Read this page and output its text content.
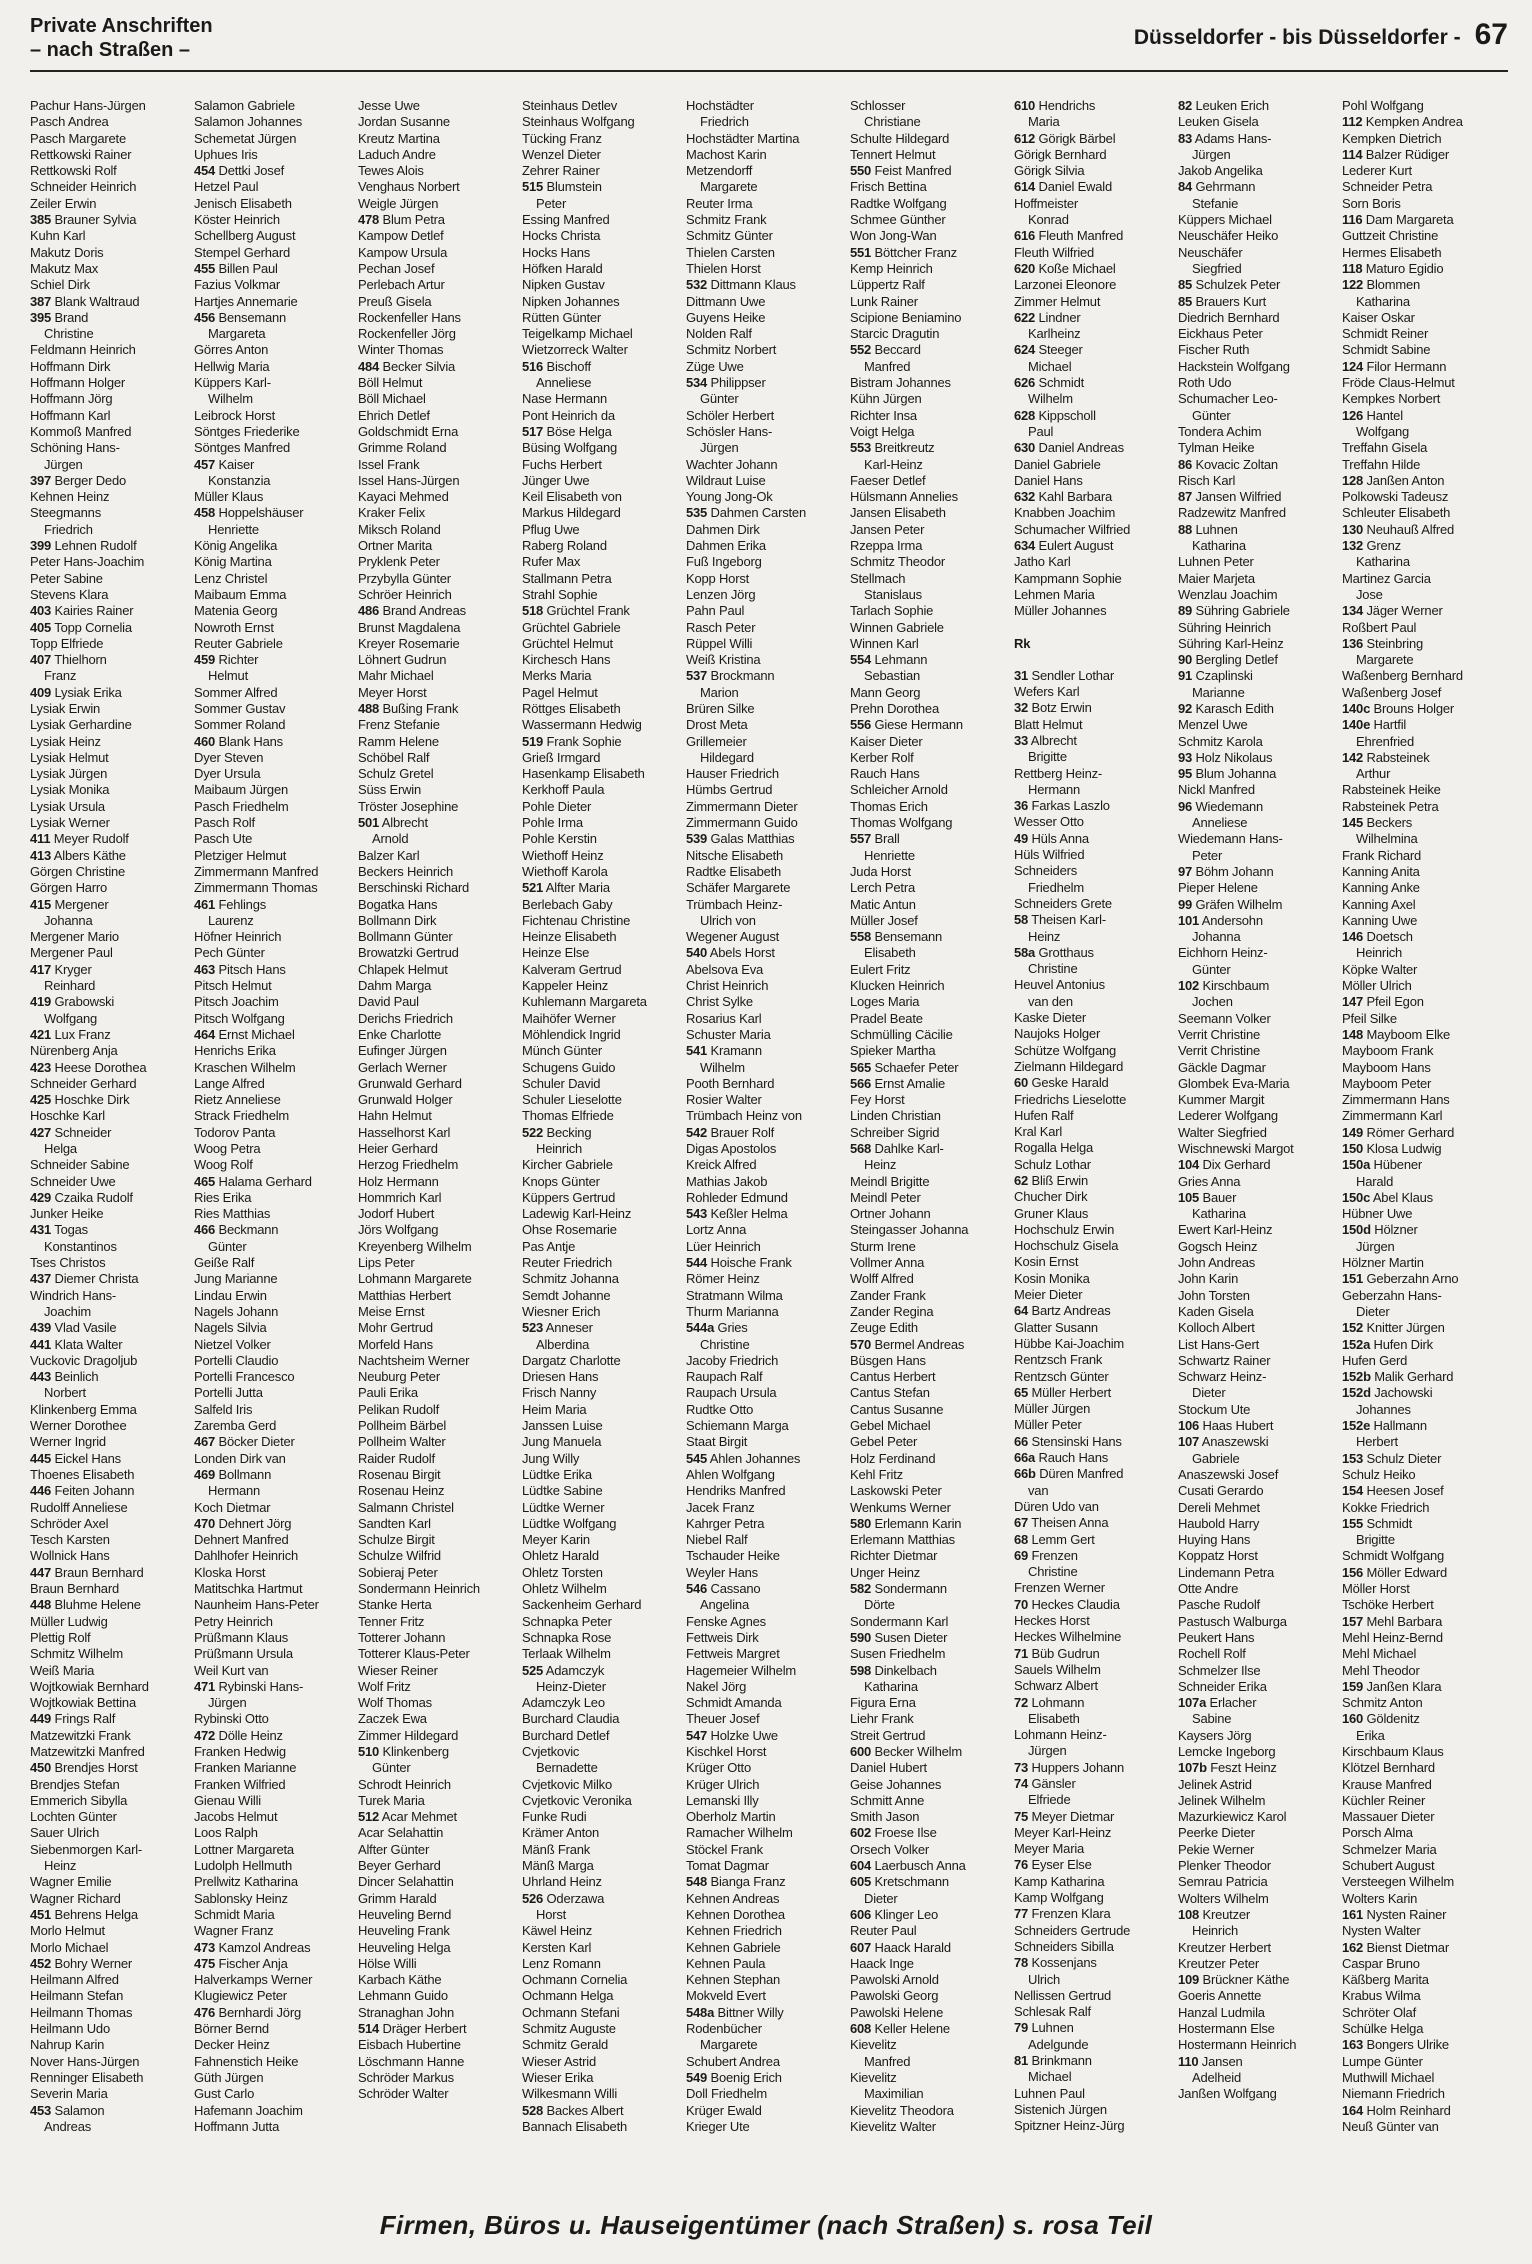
Private Anschriften
– nach Straßen –
Düsseldorfer - bis Düsseldorfer - 67
Pachur Hans-Jürgen
Pasch Andrea
Pasch Margarete
Rettkowski Rainer
Rettkowski Rolf
Schneider Heinrich
Zeiler Erwin
385 Brauner Sylvia
Kuhn Karl
Makutz Doris
Makutz Max
Schiel Dirk
387 Blank Waltraud
395 Brand
Christine
Feldmann Heinrich
Hoffmann Dirk
Hoffmann Holger
Hoffmann Jörg
Hoffmann Karl
Kommoß Manfred
Schöning Hans-
Jürgen
397 Berger Dedo
Kehnen Heinz
Steegmanns
Friedrich
399 Lehnen Rudolf
Peter Hans-Joachim
Peter Sabine
Stevens Klara
403 Kairies Rainer
405 Topp Cornelia
Topp Elfriede
407 Thielhorn
Franz
409 Lysiak Erika
Lysiak Erwin
Lysiak Gerhardine
Lysiak Heinz
Lysiak Helmut
Lysiak Jürgen
Lysiak Monika
Lysiak Ursula
Lysiak Werner
411 Meyer Rudolf
413 Albers Käthe
Görgen Christine
Görgen Harro
415 Mergener
Johanna
Mergener Mario
Mergener Paul
417 Kryger
Reinhard
419 Grabowski
Wolfgang
421 Lux Franz
Nürenberg Anja
423 Heese Dorothea
Schneider Gerhard
425 Hoschke Dirk
Hoschke Karl
427 Schneider
Helga
Schneider Sabine
Schneider Uwe
429 Czaika Rudolf
Junker Heike
431 Togas
Konstantinos
Tses Christos
437 Diemer Christa
Windrich Hans-
Joachim
439 Vlad Vasile
441 Klata Walter
Vuckovic Dragoljub
443 Beinlich
Norbert
Klinkenberg Emma
Werner Dorothee
Werner Ingrid
445 Eickel Hans
Thoenes Elisabeth
446 Feiten Johann
Rudolff Anneliese
Schröder Axel
Tesch Karsten
Wollnick Hans
447 Braun Bernhard
Braun Bernhard
448 Bluhme Helene
Müller Ludwig
Plettig Rolf
Schmitz Wilhelm
Weiß Maria
Wojtkowiak Bernhard
Wojtkowiak Bettina
449 Frings Ralf
Matzewitzki Frank
Matzewitzki Manfred
450 Brendjes Horst
Brendjes Stefan
Emmerich Sibylla
Lochten Günter
Sauer Ulrich
Siebenmorgen Karl-
Heinz
Wagner Emilie
Wagner Richard
451 Behrens Helga
Morlo Helmut
Morlo Michael
452 Bohry Werner
Heilmann Alfred
Heilmann Stefan
Heilmann Thomas
Heilmann Udo
Nahrup Karin
Nover Hans-Jürgen
Renninger Elisabeth
Severin Maria
453 Salamon
Andreas
Salamon Gabriele
Salamon Johannes
Schemetat Jürgen
Uphues Iris
454 Dettki Josef
Hetzel Paul
Jenisch Elisabeth
Köster Heinrich
Schellberg August
Stempel Gerhard
455 Billen Paul
Fazius Volkmar
Hartjes Annemarie
456 Bensemann
Margareta
Görres Anton
Hellwig Maria
Küppers Karl-
Wilhelm
Leibrock Horst
Söntges Friederike
Söntges Manfred
457 Kaiser
Konstanzia
Müller Klaus
458 Hoppelshäuser
Henriette
König Angelika
König Martina
Lenz Christel
Maibaum Emma
Matenia Georg
Nowroth Ernst
Reuter Gabriele
459 Richter
Helmut
Sommer Alfred
Sommer Gustav
Sommer Roland
460 Blank Hans
Dyer Steven
Dyer Ursula
Maibaum Jürgen
Pasch Friedhelm
Pasch Rolf
Pasch Ute
Pletziger Helmut
Zimmermann Manfred
Zimmermann Thomas
461 Fehlings
Laurenz
Höfner Heinrich
Pech Günter
463 Pitsch Hans
Pitsch Helmut
Pitsch Joachim
Pitsch Wolfgang
464 Ernst Michael
Henrichs Erika
Kraschen Wilhelm
Lange Alfred
Rietz Anneliese
Strack Friedhelm
Todorov Panta
Woog Petra
Woog Rolf
465 Halama Gerhard
Ries Erika
Ries Matthias
466 Beckmann
Günter
Geiße Ralf
Jung Marianne
Lindau Erwin
Nagels Johann
Nagels Silvia
Nietzel Volker
Portelli Claudio
Portelli Francesco
Portelli Jutta
Salfeld Iris
Zaremba Gerd
467 Böcker Dieter
Londen Dirk van
469 Bollmann
Hermann
Koch Dietmar
470 Dehnert Jörg
Dehnert Manfred
Dahlhofer Heinrich
Kloska Horst
Matitschka Hartmut
Naunheim Hans-Peter
Petry Heinrich
Prüßmann Klaus
Prüßmann Ursula
Weil Kurt van
471 Rybinski Hans-
Jürgen
Rybinski Otto
472 Dölle Heinz
Franken Hedwig
Franken Marianne
Franken Wilfried
Gienau Willi
Jacobs Helmut
Loos Ralph
Lottner Margareta
Ludolph Hellmuth
Prellwitz Katharina
Sablonsky Heinz
Schmidt Maria
Wagner Franz
473 Kamzol Andreas
475 Fischer Anja
Halverkamps Werner
Klugiewicz Peter
476 Bernhardi Jörg
Börner Bernd
Decker Heinz
Fahnenstich Heike
Güth Jürgen
Gust Carlo
Hafemann Joachim
Hoffmann Jutta
Jesse Uwe
Jordan Susanne
Kreutz Martina
Laduch Andre
Tewes Alois
Venghaus Norbert
Weigle Jürgen
478 Blum Petra
Kampow Detlef
Kampow Ursula
Pechan Josef
Perlebach Artur
Preuß Gisela
Rockenfeller Hans
Rockenfeller Jörg
Winter Thomas
484 Becker Silvia
Böll Helmut
Böll Michael
Ehrich Detlef
Goldschmidt Erna
Grimme Roland
Issel Frank
Issel Hans-Jürgen
Kayaci Mehmed
Kraker Felix
Miksch Roland
Ortner Marita
Pryklenk Peter
Przybylla Günter
Schröer Heinrich
486 Brand Andreas
Brunst Magdalena
Kreyer Rosemarie
Löhnert Gudrun
Mahr Michael
Meyer Horst
488 Bußing Frank
Frenz Stefanie
Ramm Helene
Schöbel Ralf
Schulz Gretel
Süss Erwin
Tröster Josephine
501 Albrecht
Arnold
Balzer Karl
Beckers Heinrich
Berschinski Richard
Bogatka Hans
Bollmann Dirk
Bollmann Günter
Browatzki Gertrud
Chlapek Helmut
Dahm Marga
David Paul
Derichs Friedrich
Enke Charlotte
Eufinger Jürgen
Gerlach Werner
Grunwald Gerhard
Grunwald Holger
Hahn Helmut
Hasselhorst Karl
Heier Gerhard
Herzog Friedhelm
Holz Hermann
Hommrich Karl
Jodorf Hubert
Jörs Wolfgang
Kreyenberg Wilhelm
Lips Peter
Lohmann Margarete
Matthias Herbert
Meise Ernst
Mohr Gertrud
Morfeld Hans
Nachtsheim Werner
Neuburg Peter
Pauli Erika
Pelikan Rudolf
Pollheim Bärbel
Pollheim Walter
Raider Rudolf
Rosenau Birgit
Rosenau Heinz
Salmann Christel
Sandten Karl
Schulze Birgit
Schulze Wilfrid
Sobieraj Peter
Sondermann Heinrich
Stanke Herta
Tenner Fritz
Totterer Johann
Totterer Klaus-Peter
Wieser Reiner
Wolf Fritz
Wolf Thomas
Zaczek Ewa
Zimmer Hildegard
510 Klinkenberg
Günter
Schrodt Heinrich
Turek Maria
512 Acar Mehmet
Acar Selahattin
Alfter Günter
Beyer Gerhard
Dincer Selahattin
Grimm Harald
Heuveling Bernd
Heuveling Frank
Heuveling Helga
Hölse Willi
Karbach Käthe
Lehmann Guido
Stranaghan John
514 Dräger Herbert
Eisbach Hubertine
Löschmann Hanne
Schröder Markus
Schröder Walter
Steinhaus Detlev
Steinhaus Wolfgang
Tücking Franz
Wenzel Dieter
Zehrer Rainer
515 Blumstein
Peter
Essing Manfred
Hocks Christa
Hocks Hans
Höfken Harald
Nipken Gustav
Nipken Johannes
Rütten Günter
Teigelkamp Michael
Wietzorreck Walter
516 Bischoff
Anneliese
Nase Hermann
Pont Heinrich da
517 Böse Helga
Büsing Wolfgang
Fuchs Herbert
Jünger Uwe
Keil Elisabeth von
Markus Hildegard
Pflug Uwe
Raberg Roland
Rufer Max
Stallmann Petra
Strahl Sophie
518 Grüchtel Frank
Grüchtel Gabriele
Grüchtel Helmut
Kirchesch Hans
Merks Maria
Pagel Helmut
Röttges Elisabeth
Wassermann Hedwig
519 Frank Sophie
Grieß Irmgard
Hasenkamp Elisabeth
Kerkhoff Paula
Pohle Dieter
Pohle Irma
Pohle Kerstin
Wiethoff Heinz
Wiethoff Karola
521 Alfter Maria
Berlebach Gaby
Fichtenau Christine
Heinze Elisabeth
Heinze Else
Kalveram Gertrud
Kappeler Heinz
Kuhlemann Margareta
Maihöfer Werner
Möhlendick Ingrid
Münch Günter
Schugens Guido
Schuler David
Schuler Lieselotte
Thomas Elfriede
522 Becking
Heinrich
Kircher Gabriele
Knops Günter
Küppers Gertrud
Ladewig Karl-Heinz
Ohse Rosemarie
Pas Antje
Reuter Friedrich
Schmitz Johanna
Semdt Johanne
Wiesner Erich
523 Anneser
Alberdina
Dargatz Charlotte
Driesen Hans
Frisch Nanny
Heim Maria
Janssen Luise
Jung Manuela
Jung Willy
Lüdtke Erika
Lüdtke Sabine
Lüdtke Werner
Lüdtke Wolfgang
Meyer Karin
Ohletz Harald
Ohletz Torsten
Ohletz Wilhelm
Sackenheim Gerhard
Schnapka Peter
Schnapka Rose
Terlaak Wilhelm
525 Adamczyk
Heinz-Dieter
Adamczyk Leo
Burchard Claudia
Burchard Detlef
Cvjetkovic
Bernadette
Cvjetkovic Milko
Cvjetkovic Veronika
Funke Rudi
Krämer Anton
Mänß Frank
Mänß Marga
Uhrland Heinz
526 Oderzawa
Horst
Käwel Heinz
Kersten Karl
Lenz Romann
Ochmann Cornelia
Ochmann Helga
Ochmann Stefani
Schmitz Auguste
Schmitz Gerald
Wieser Astrid
Wieser Erika
Wilkesmann Willi
528 Backes Albert
Bannach Elisabeth
Hochstädter
Friedrich
Hochstädter Martina
Machost Karin
Metzendorff
Margarete
Reuter Irma
Schmitz Frank
Schmitz Günter
Thielen Carsten
Thielen Horst
532 Dittmann Klaus
Dittmann Uwe
Guyens Heike
Nolden Ralf
Schmitz Norbert
Züge Uwe
534 Philippser
Günter
Schöler Herbert
Schösler Hans-
Jürgen
Wachter Johann
Wildraut Luise
Young Jong-Ok
535 Dahmen Carsten
Dahmen Dirk
Dahmen Erika
Fuß Ingeborg
Kopp Horst
Lenzen Jörg
Pahn Paul
Rasch Peter
Rüppel Willi
Weiß Kristina
537 Brockmann
Marion
Brüren Silke
Drost Meta
Grillemeier
Hildegard
Hauser Friedrich
Hümbs Gertrud
Zimmermann Dieter
Zimmermann Guido
539 Galas Matthias
Nitsche Elisabeth
Radtke Elisabeth
Schäfer Margarete
Trümbach Heinz-
Ulrich von
Wegener August
540 Abels Horst
Abelsova Eva
Christ Heinrich
Christ Sylke
Rosarius Karl
Schuster Maria
541 Kramann
Wilhelm
Pooth Bernhard
Rosier Walter
Trümbach Heinz von
542 Brauer Rolf
Digas Apostolos
Kreick Alfred
Mathias Jakob
Rohleder Edmund
543 Keßler Helma
Lortz Anna
Lüer Heinrich
544 Hoische Frank
Römer Heinz
Stratmann Wilma
Thurm Marianna
544a Gries
Christine
Jacoby Friedrich
Raupach Ralf
Raupach Ursula
Rudtke Otto
Schiemann Marga
Staat Birgit
545 Ahlen Johannes
Ahlen Wolfgang
Hendriks Manfred
Jacek Franz
Kahrger Petra
Niebel Ralf
Tschauder Heike
Weyler Hans
546 Cassano
Angelina
Fenske Agnes
Fettweis Dirk
Fettweis Margret
Hagemeier Wilhelm
Nakel Jörg
Schmidt Amanda
Theuer Josef
547 Holzke Uwe
Kischkel Horst
Krüger Otto
Krüger Ulrich
Lemanski Illy
Oberholz Martin
Ramacher Wilhelm
Stöckel Frank
Tomat Dagmar
548 Bianga Franz
Kehnen Andreas
Kehnen Dorothea
Kehnen Friedrich
Kehnen Gabriele
Kehnen Paula
Kehnen Stephan
Mokveld Evert
548a Bittner Willy
Rodenbücher
Margarete
Schubert Andrea
549 Boenig Erich
Doll Friedhelm
Krüger Ewald
Krieger Ute
Schlosser
Christiane
Schulte Hildegard
Tennert Helmut
550 Feist Manfred
Frisch Bettina
Radtke Wolfgang
Schmee Günther
Won Jong-Wan
551 Böttcher Franz
Kemp Heinrich
Lüppertz Ralf
Lunk Rainer
Scipione Beniamino
Starcic Dragutin
552 Beccard
Manfred
Bistram Johannes
Kühn Jürgen
Richter Insa
Voigt Helga
553 Breitkreutz
Karl-Heinz
Faeser Detlef
Hülsmann Annelies
Jansen Elisabeth
Jansen Peter
Rzeppa Irma
Schmitz Theodor
Stellmach
Stanislaus
Tarlach Sophie
Winnen Gabriele
Winnen Karl
554 Lehmann
Sebastian
Mann Georg
Prehn Dorothea
556 Giese Hermann
Kaiser Dieter
Kerber Rolf
Rauch Hans
Schleicher Arnold
Thomas Erich
Thomas Wolfgang
557 Brall
Henriette
Juda Horst
Lerch Petra
Matic Antun
Müller Josef
558 Bensemann
Elisabeth
Eulert Fritz
Klucken Heinrich
Loges Maria
Pradel Beate
Schmülling Cäcilie
Spieker Martha
565 Schaefer Peter
566 Ernst Amalie
Fey Horst
Linden Christian
Schreiber Sigrid
568 Dahlke Karl-
Heinz
Meindl Brigitte
Meindl Peter
Ortner Johann
Steingasser Johanna
Sturm Irene
Vollmer Anna
Wolff Alfred
Zander Frank
Zander Regina
Zeuge Edith
570 Bermel Andreas
Büsgen Hans
Cantus Herbert
Cantus Stefan
Cantus Susanne
Gebel Michael
Gebel Peter
Holz Ferdinand
Kehl Fritz
Laskowski Peter
Wenkums Werner
580 Erlemann Karin
Erlemann Matthias
Richter Dietmar
Unger Heinz
582 Sondermann
Dörte
Sondermann Karl
590 Susen Dieter
Susen Friedhelm
598 Dinkelbach
Katharina
Figura Erna
Liehr Frank
Streit Gertrud
600 Becker Wilhelm
Daniel Hubert
Geise Johannes
Schmitt Anne
Smith Jason
602 Froese Ilse
Orsech Volker
604 Laerbusch Anna
605 Kretschmann
Dieter
606 Klinger Leo
Reuter Paul
607 Haack Harald
Haack Inge
Pawolski Arnold
Pawolski Georg
Pawolski Helene
608 Keller Helene
Kievelitz
Manfred
Kievelitz
Maximilian
Kievelitz Theodora
Kievelitz Walter
610 Hendrichs
Maria
612 Görigk Bärbel
Görigk Bernhard
Görigk Silvia
614 Daniel Ewald
Hoffmeister
Konrad
616 Fleuth Manfred
Fleuth Wilfried
620 Koße Michael
Larzonei Eleonore
Zimmer Helmut
622 Lindner
Karlheinz
624 Steeger
Michael
626 Schmidt
Wilhelm
628 Kippscholl
Paul
630 Daniel Andreas
Daniel Gabriele
Daniel Hans
632 Kahl Barbara
Knabben Joachim
Schumacher Wilfried
634 Eulert August
Jatho Karl
Kampmann Sophie
Lehmen Maria
Müller Johannes
Rk
31 Sendler Lothar
Wefers Karl
32 Botz Erwin
Blatt Helmut
33 Albrecht
Brigitte
Rettberg Heinz-
Hermann
36 Farkas Laszlo
Wesser Otto
49 Hüls Anna
Hüls Wilfried
Schneiders
Friedhelm
Schneiders Grete
58 Theisen Karl-
Heinz
58a Grotthaus
Christine
Heuvel Antonius
van den
Kaske Dieter
Naujoks Holger
Schütze Wolfgang
Zielmann Hildegard
60 Geske Harald
Friedrichs Lieselotte
Hufen Ralf
Kral Karl
Rogalla Helga
Schulz Lothar
62 Bliß Erwin
Chucher Dirk
Gruner Klaus
Hochschulz Erwin
Hochschulz Gisela
Kosin Ernst
Kosin Monika
Meier Dieter
64 Bartz Andreas
Glatter Susann
Hübbe Kai-Joachim
Rentzsch Frank
Rentzsch Günter
65 Müller Herbert
Müller Jürgen
Müller Peter
66 Stensinski Hans
66a Rauch Hans
66b Düren Manfred
van
Düren Udo van
67 Theisen Anna
68 Lemm Gert
69 Frenzen
Christine
Frenzen Werner
70 Heckes Claudia
Heckes Horst
Heckes Wilhelmine
71 Büb Gudrun
Sauels Wilhelm
Schwarz Albert
72 Lohmann
Elisabeth
Lohmann Heinz-
Jürgen
73 Huppers Johann
74 Gänsler
Elfriede
75 Meyer Dietmar
Meyer Karl-Heinz
Meyer Maria
76 Eyser Else
Kamp Katharina
Kamp Wolfgang
77 Frenzen Klara
Schneiders Gertrude
Schneiders Sibilla
78 Kossenjans
Ulrich
Nellissen Gertrud
Schlesak Ralf
79 Luhnen
Adelgunde
81 Brinkmann
Michael
Luhnen Paul
Sistenich Jürgen
Spitzner Heinz-Jürg
82 Leuken Erich
Leuken Gisela
83 Adams Hans-
Jürgen
Jakob Angelika
84 Gehrmann
Stefanie
Küppers Michael
Neuschäfer Heiko
Neuschäfer
Siegfried
85 Schulzek Peter
85 Brauers Kurt
Diedrich Bernhard
Eickhaus Peter
Fischer Ruth
Hackstein Wolfgang
Roth Udo
Schumacher Leo-
Günter
Tondera Achim
Tylman Heike
86 Kovacic Zoltan
Risch Karl
87 Jansen Wilfried
Radzewitz Manfred
88 Luhnen
Katharina
Luhnen Peter
Maier Marjeta
Wenzlau Joachim
89 Sühring Gabriele
Sühring Heinrich
Sühring Karl-Heinz
90 Bergling Detlef
91 Czaplinski
Marianne
92 Karasch Edith
Menzel Uwe
Schmitz Karola
93 Holz Nikolaus
95 Blum Johanna
Nickl Manfred
96 Wiedemann
Anneliese
Wiedemann Hans-
Peter
97 Böhm Johann
Pieper Helene
99 Gräfen Wilhelm
101 Andersohn
Johanna
Eichhorn Heinz-
Günter
102 Kirschbaum
Jochen
Seemann Volker
Verrit Christine
Verrit Christine
Gäckle Dagmar
Glombek Eva-Maria
Kummer Margit
Lederer Wolfgang
Walter Siegfried
Wischnewski Margot
104 Dix Gerhard
Gries Anna
105 Bauer
Katharina
Ewert Karl-Heinz
Gogsch Heinz
John Andreas
John Karin
John Torsten
Kaden Gisela
Kolloch Albert
List Hans-Gert
Schwartz Rainer
Schwarz Heinz-
Dieter
Stockum Ute
106 Haas Hubert
107 Anaszewski
Gabriele
Anaszewski Josef
Cusati Gerardo
Dereli Mehmet
Haubold Harry
Huying Hans
Koppatz Horst
Lindemann Petra
Otte Andre
Pasche Rudolf
Pastusch Walburga
Peukert Hans
Rochell Rolf
Schmelzer Ilse
Schneider Erika
107a Erlacher
Sabine
Kaysers Jörg
Lemcke Ingeborg
107b Feszt Heinz
Jelinek Astrid
Jelinek Wilhelm
Mazurkiewicz Karol
Peerke Dieter
Pekie Werner
Plenker Theodor
Semrau Patricia
Wolters Wilhelm
108 Kreutzer
Heinrich
Kreutzer Herbert
Kreutzer Peter
109 Brückner Käthe
Goeris Annette
Hanzal Ludmila
Hostermann Else
Hostermann Heinrich
110 Jansen
Adelheid
Janßen Wolfgang
Pohl Wolfgang
112 Kempken Andrea
Kempken Dietrich
114 Balzer Rüdiger
Lederer Kurt
Schneider Petra
Sorn Boris
116 Dam Margareta
Guttzeit Christine
Hermes Elisabeth
118 Maturo Egidio
122 Blommen
Katharina
Kaiser Oskar
Schmidt Reiner
Schmidt Sabine
124 Filor Hermann
Fröde Claus-Helmut
Kempkes Norbert
126 Hantel
Wolfgang
Treffahn Gisela
Treffahn Hilde
128 Janßen Anton
Polkowski Tadeusz
Schleuter Elisabeth
130 Neuhauß Alfred
132 Grenz
Katharina
Martinez Garcia
Jose
134 Jäger Werner
Roßbert Paul
136 Steinbring
Margarete
Waßenberg Bernhard
Waßenberg Josef
140c Brouns Holger
140e Hartfil
Ehrenfried
142 Rabsteinek
Arthur
Rabsteinek Heike
Rabsteinek Petra
145 Beckers
Wilhelmina
Frank Richard
Kanning Anita
Kanning Anke
Kanning Axel
Kanning Uwe
146 Doetsch
Heinrich
Köpke Walter
Möller Ulrich
147 Pfeil Egon
Pfeil Silke
148 Mayboom Elke
Mayboom Frank
Mayboom Hans
Mayboom Peter
Zimmermann Hans
Zimmermann Karl
149 Römer Gerhard
150 Klosa Ludwig
150a Hübener
Harald
150c Abel Klaus
Hübner Uwe
150d Hölzner
Jürgen
Hölzner Martin
151 Geberzahn Arno
Geberzahn Hans-
Dieter
152 Knitter Jürgen
152a Hufen Dirk
Hufen Gerd
152b Malik Gerhard
152d Jachowski
Johannes
152e Hallmann
Herbert
153 Schulz Dieter
Schulz Heiko
154 Heesen Josef
Kokke Friedrich
155 Schmidt
Brigitte
Schmidt Wolfgang
156 Möller Edward
Möller Horst
Tschöke Herbert
157 Mehl Barbara
Mehl Heinz-Bernd
Mehl Michael
Mehl Theodor
159 Janßen Klara
Schmitz Anton
160 Göldenitz
Erika
Kirschbaum Klaus
Klötzel Bernhard
Krause Manfred
Küchler Reiner
Massauer Dieter
Porsch Alma
Schmelzer Maria
Schubert August
Versteegen Wilhelm
Wolters Karin
161 Nysten Rainer
Nysten Walter
162 Bienst Dietmar
Caspar Bruno
Käßberg Marita
Krabus Wilma
Schröter Olaf
Schülke Helga
163 Bongers Ulrike
Lumpe Günter
Muthwill Michael
Niemann Friedrich
164 Holm Reinhard
Neuß Günter van
Firmen, Büros u. Hauseigentümer (nach Straßen) s. rosa Teil
